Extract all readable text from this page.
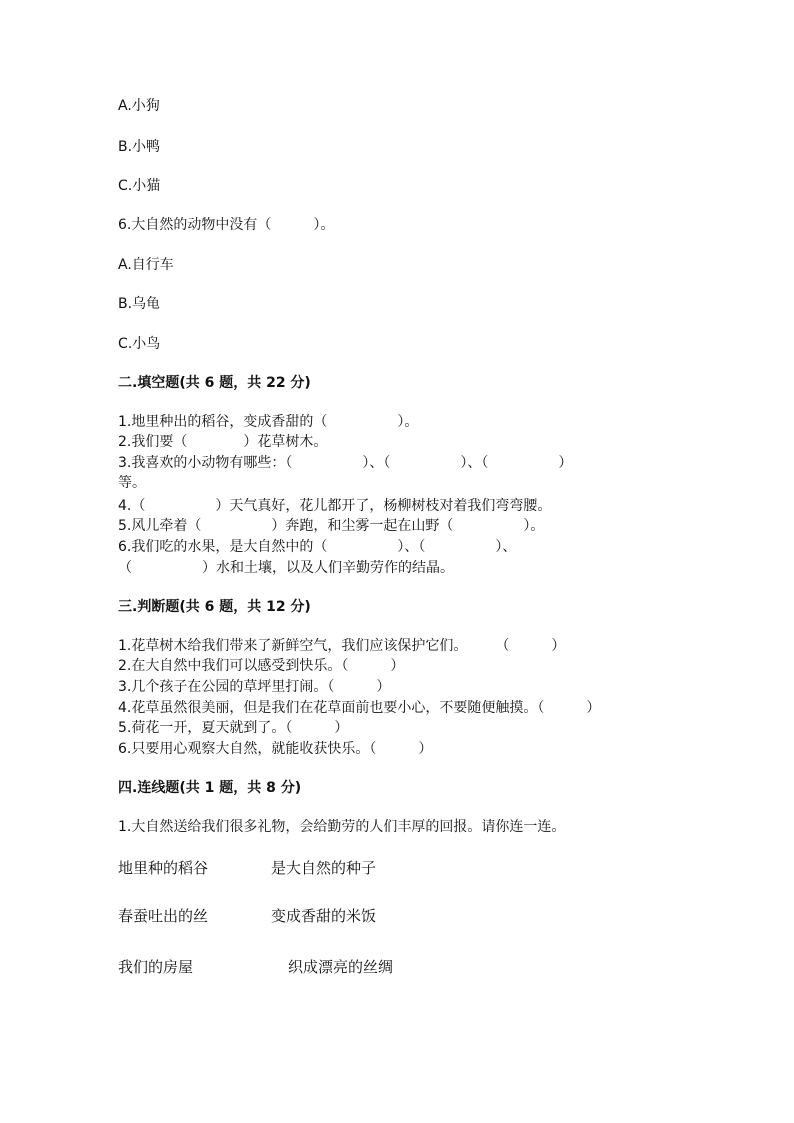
A.小狗
B.小鸭
C.小猫
6.大自然的动物中没有（　　　）。
A.自行车
B.乌龟
C.小鸟
二.填空题(共 6 题，共 22 分)
1.地里种出的稻谷，变成香甜的（　　　　　）。
2.我们要（　　　　）花草树木。
3.我喜欢的小动物有哪些：（　　　　　）、（　　　　　）、（　　　　　）
等。
4.（　　　　　）天气真好，花儿都开了，杨柳树枝对着我们弯弯腰。
5.风儿牵着（　　　　　）奔跑，和尘雾一起在山野（　　　　　）。
6.我们吃的水果，是大自然中的（　　　　　）、（　　　　　）、
（　　　　　）水和土壤，以及人们辛勤劳作的结晶。
三.判断题(共 6 题，共 12 分)
1.花草树木给我们带来了新鲜空气，我们应该保护它们。　　　（　　　）
2.在大自然中我们可以感受到快乐。（　　　）
3.几个孩子在公园的草坪里打闹。（　　　）
4.花草虽然很美丽，但是我们在花草面前也要小心，不要随便触摸。（　　　）
5.荷花一开，夏天就到了。（　　　）
6.只要用心观察大自然，就能收获快乐。（　　　）
四.连线题(共 1 题，共 8 分)
1.大自然送给我们很多礼物，会给勤劳的人们丰厚的回报。请你连一连。
地里种的稻谷	是大自然的种子
春蚕吐出的丝	变成香甜的米饭
我们的房屋	织成漂亮的丝绸
